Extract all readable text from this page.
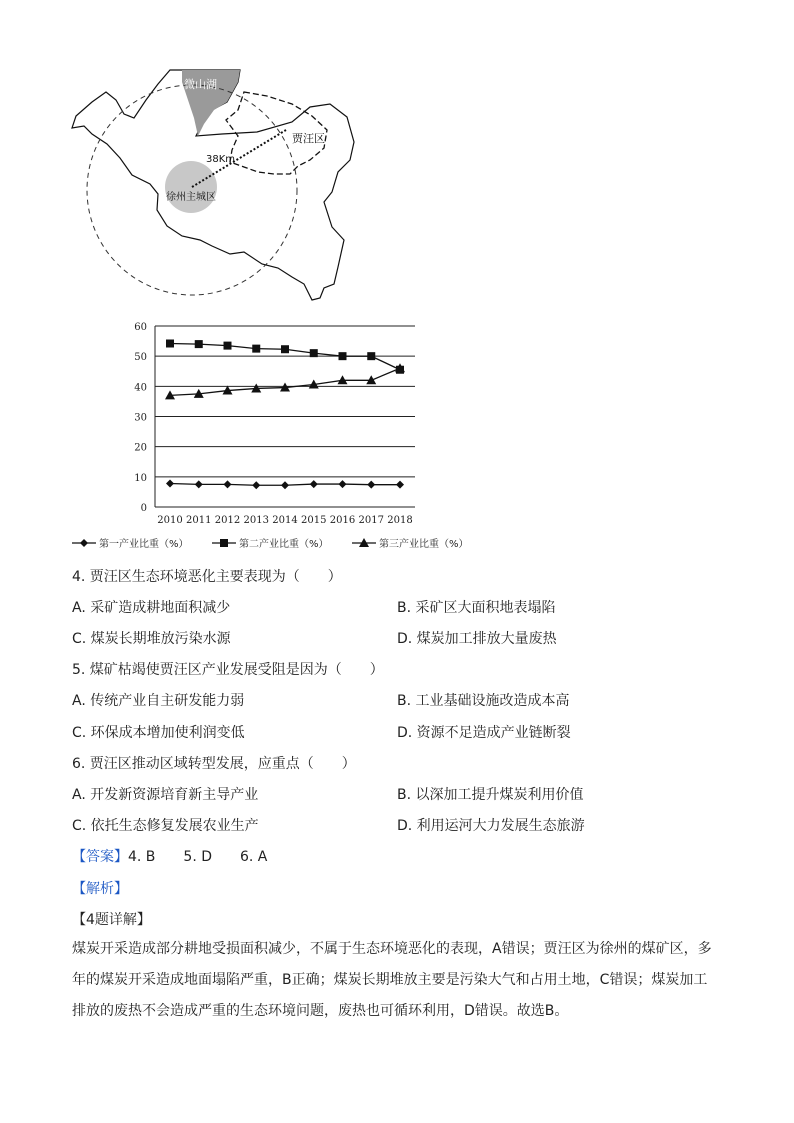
微山湖
贾汪区
38Km
徐州主城区
0
10
20
30
40
50
60
2010 2011 2012 2013 2014 2015 2016 2017 2018
第一产业比重（%）	第二产业比重（%）	第三产业比重（%）
4. 贾汪区生态环境恶化主要表现为（　　）
A. 采矿造成耕地面积减少	B. 采矿区大面积地表塌陷
C. 煤炭长期堆放污染水源	D. 煤炭加工排放大量废热
5. 煤矿枯竭使贾汪区产业发展受阻是因为（　　）
A. 传统产业自主研发能力弱	B. 工业基础设施改造成本高
C. 环保成本增加使利润变低	D. 资源不足造成产业链断裂
6. 贾汪区推动区域转型发展，应重点（　　）
A. 开发新资源培育新主导产业	B. 以深加工提升煤炭利用价值
C. 依托生态修复发展农业生产	D. 利用运河大力发展生态旅游
【答案】4. B　　5. D　　6. A
【解析】
【4题详解】
煤炭开采造成部分耕地受损面积减少，不属于生态环境恶化的表现，A错误；贾汪区为徐州的煤矿区，多
年的煤炭开采造成地面塌陷严重，B正确；煤炭长期堆放主要是污染大气和占用土地，C错误；煤炭加工
排放的废热不会造成严重的生态环境问题，废热也可循环利用，D错误。故选B。
